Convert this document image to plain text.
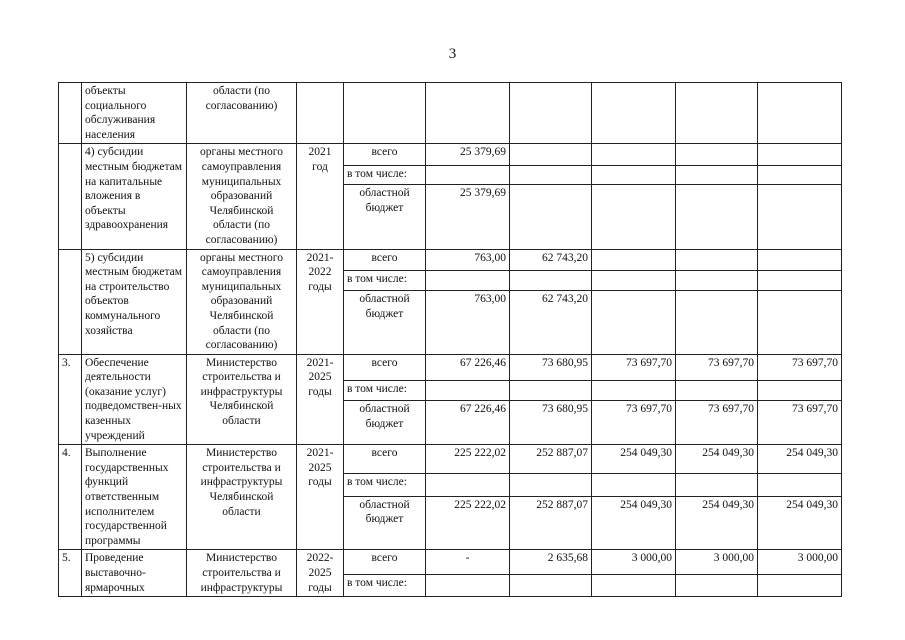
3
	объекты социального обслуживания населения	области (по согласованию)							
	4) субсидии местным бюджетам на капитальные вложения в объекты здравоохранения	органы местного самоуправления муниципальных образований Челябинской области (по согласованию)	2021 год	всего	25 379,69				
				в том числе:					
				областной бюджет	25 379,69				
	5) субсидии местным бюджетам на строительство объектов коммунального хозяйства	органы местного самоуправления муниципальных образований Челябинской области (по согласованию)	2021-2022 годы	всего	763,00	62 743,20			
				в том числе:					
				областной бюджет	763,00	62 743,20			
3.	Обеспечение деятельности (оказание услуг) подведомствен-ных казенных учреждений	Министерство строительства и инфраструктуры Челябинской области	2021-2025 годы	всего	67 226,46	73 680,95	73 697,70	73 697,70	73 697,70
				в том числе:					
				областной бюджет	67 226,46	73 680,95	73 697,70	73 697,70	73 697,70
4.	Выполнение государственных функций ответственным исполнителем государственной программы	Министерство строительства и инфраструктуры Челябинской области	2021-2025 годы	всего	225 222,02	252 887,07	254 049,30	254 049,30	254 049,30
				в том числе:					
				областной бюджет	225 222,02	252 887,07	254 049,30	254 049,30	254 049,30
5.	Проведение выставочно-ярмарочных	Министерство строительства и инфраструктуры	2022-2025 годы	всего	-	2 635,68	3 000,00	3 000,00	3 000,00
				в том числе:					
